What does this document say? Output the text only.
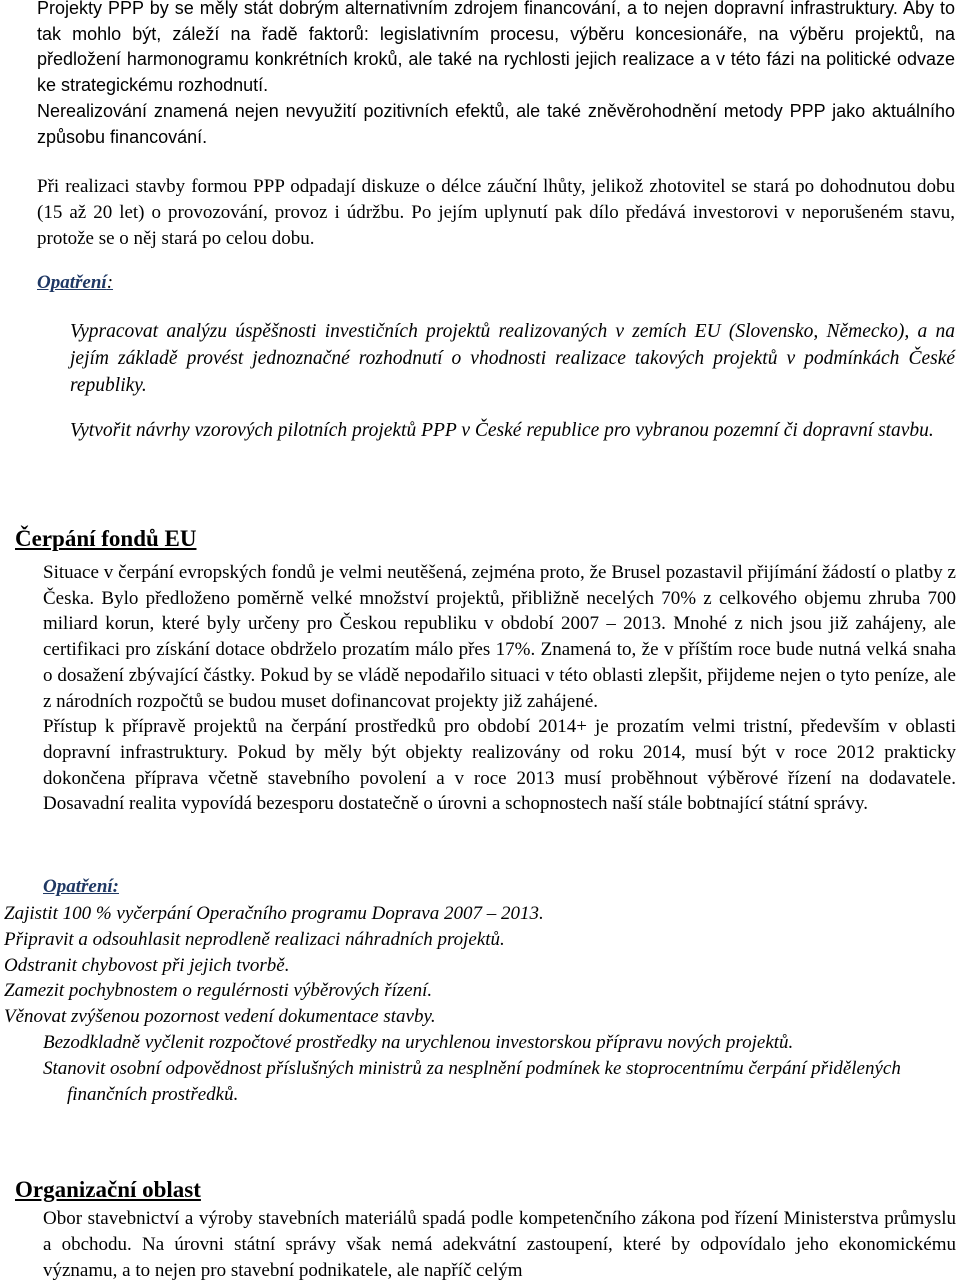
Projekty PPP by se měly stát dobrým alternativním zdrojem financování, a to nejen dopravní infrastruktury. Aby to tak mohlo být, záleží na řadě faktorů: legislativním procesu, výběru koncesionáře, na výběru projektů, na předložení harmonogramu konkrétních kroků, ale také na rychlosti jejich realizace a v této fázi na politické odvaze ke strategickému rozhodnutí.

Nerealizování znamená nejen nevyužití pozitivních efektů, ale také zněvěrohodnění metody PPP jako aktuálního způsobu financování.

Při realizaci stavby formou PPP odpadají diskuze o délce záuční lhůty, jelikož zhotovitel se stará po dohodnutou dobu (15 až 20 let) o provozování, provoz i údržbu. Po jejím uplynutí pak dílo předává investorovi v neporušeném stavu, protože se o něj stará po celou dobu.

Opatření:

Vypracovat analýzu úspěšnosti investičních projektů realizovaných v zemích EU (Slovensko, Německo), a na jejím základě provést jednoznačné rozhodnutí o vhodnosti realizace takových projektů v podmínkách České republiky.

Vytvořit návrhy vzorových pilotních projektů PPP v České republice pro vybranou pozemní či dopravní stavbu.

Čerpání fondů EU

Situace v čerpání evropských fondů je velmi neutěšená, zejména proto, že Brusel pozastavil přijímání žádostí o platby z Česka. Bylo předloženo poměrně velké množství projektů, přibližně necelých 70% z celkového objemu zhruba 700 miliard korun, které byly určeny pro Českou republiku v období 2007 – 2013. Mnohé z nich jsou již zahájeny, ale certifikaci pro získání dotace obdrželo prozatím málo přes 17%. Znamená to, že v příštím roce bude nutná velká snaha o dosažení zbývající částky. Pokud by se vládě nepodařilo situaci v této oblasti zlepšit, přijdeme nejen o tyto peníze, ale z národních rozpočtů se budou muset dofinancovat projekty již zahájené.

Přístup k přípravě projektů na čerpání prostředků pro období 2014+ je prozatím velmi tristní, především v oblasti dopravní infrastruktury. Pokud by měly být objekty realizovány od roku 2014, musí být v roce 2012 prakticky dokončena příprava včetně stavebního povolení a v roce 2013 musí proběhnout výběrové řízení na dodavatele. Dosavadní realita vypovídá bezesporu dostatečně o úrovni a schopnostech naší stále bobtnající státní správy.

Opatření:
Zajistit 100 % vyčerpání Operačního programu Doprava 2007 – 2013.
Připravit a odsouhlasit neprodleně realizaci náhradních projektů.
Odstranit chybovost při jejich tvorbě.
Zamezit pochybnostem o regulérnosti výběrových řízení.
Věnovat zvýšenou pozornost vedení dokumentace stavby.
Bezodkladně vyčlenit rozpočtové prostředky na urychlenou investorskou přípravu nových projektů.
Stanovit osobní odpovědnost příslušných ministrů za nesplnění podmínek ke stoprocentnímu čerpání přidělených finančních prostředků.
Organizační oblast

Obor stavebnictví a výroby stavebních materiálů spadá podle kompetenčního zákona pod řízení Ministerstva průmyslu a obchodu. Na úrovni státní správy však nemá adekvátní zastoupení, které by odpovídalo jeho ekonomickému významu, a to nejen pro stavební podnikatele, ale napříč celým
